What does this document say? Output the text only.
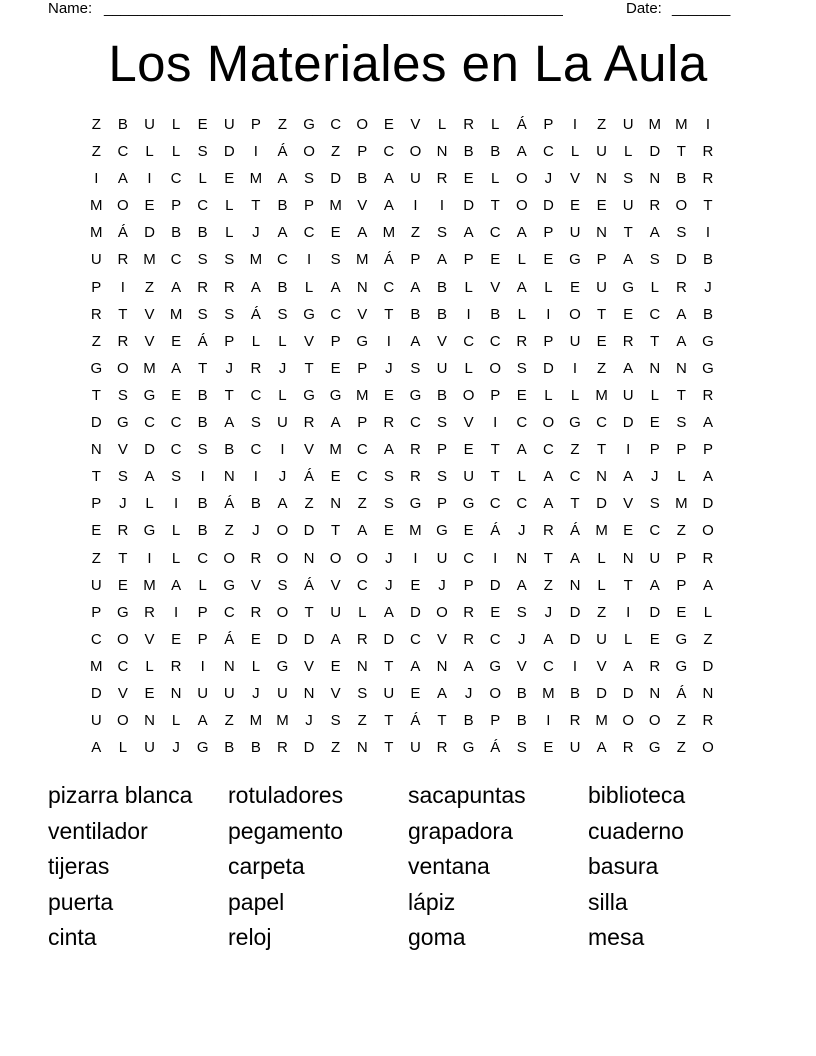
Name: _______________________________________________________	Date: _______
Los Materiales en La Aula
Z	B	U	L	E	U	P	Z	G	C	O	E	V	L	R	L	Á	P	I	Z	U M M	I
Z	C	L	L	S	D	I	Á	O	Z	P	C	O	N	B	B	A	C	L	U	L	D	T	R
I	A	I	C	L	E	M	A	S	D	B	A	U	R	E	L	O	J	V	N	S	N	B	R
M O	E	P	C	L	T	B	P	M	V	A	I	I	D	T	O	D	E	E	U	R	O	T
M	Á	D	B	B	L	J	A	C	E	A	M	Z	S	A	C	A	P	U	N	T	A	S	I
U	R M C	S	S	M C	I	S	M	Á	P	A	P	E	L	E	G	P	A	S	D	B
P	I	Z	A	R	R	A	B	L	A	N	C	A	B	L	V	A	L	E	U	G	L	R	J
R	T	V	M	S	S	Á	S	G	C	V	T	B	B	I	B	L	I	O	T	E	C	A	B
Z	R	V	E	Á	P	L	L	V	P	G	I	A	V	C	C	R	P	U	E	R	T	A	G
G O M	A	T	J	R	J	T	E	P	J	S	U	L	O	S	D	I	Z	A	N	N	G
T	S	G	E	B	T	C	L	G G M	E	G	B	O	P	E	L	L	M U	L	T	R
D	G	C	C	B	A	S	U	R	A	P	R	C	S	V	I	C	O G	C	D	E	S	A
N	V	D	C	S	B	C	I	V	M C	A	R	P	E	T	A	C	Z	T	I	P	P	P
T	S	A	S	I	N	I	J	Á	E	C	S	R	S	U	T	L	A	C	N	A	J	L	A
P	J	L	I	B	Á	B	A	Z	N	Z	S	G	P	G	C	C	A	T	D	V	S	M D
E	R	G	L	B	Z	J	O	D	T	A	E	M G	E	Á	J	R	Á	M	E	C	Z	O
Z	T	I	L	C	O	R	O	N	O O	J	I	U	C	I	N	T	A	L	N	U	P	R
U	E	M	A	L	G	V	S	Á	V	C	J	E	J	P	D	A	Z	N	L	T	A	P	A
P	G	R	I	P	C	R	O	T	U	L	A	D	O	R	E	S	J	D	Z	I	D	E	L
C	O	V	E	P	Á	E	D	D	A	R	D	C	V	R	C	J	A	D	U	L	E	G	Z
M C	L	R	I	N	L	G	V	E	N	T	A	N	A	G	V	C	I	V	A	R	G	D
D	V	E	N	U	U	J	U	N	V	S	U	E	A	J	O	B	M	B	D	D	N	Á	N
U	O	N	L	A	Z	M M	J	S	Z	T	Á	T	B	P	B	I	R M O O	Z	R
A	L	U	J	G	B	B	R	D	Z	N	T	U	R	G	Á	S	E	U	A	R	G	Z	O
pizarra blanca	rotuladores	sacapuntas	biblioteca
ventilador	pegamento	grapadora	cuaderno
tijeras	carpeta	ventana	basura
puerta	papel	lápiz	silla
cinta	reloj	goma	mesa
